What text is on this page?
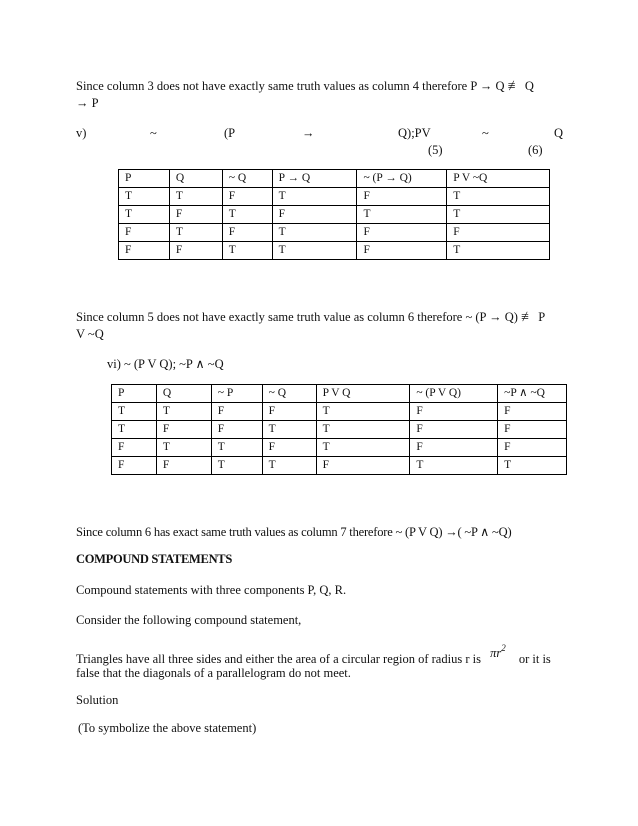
Since column 3 does not have exactly same truth values as column 4 therefore P → Q ≢ Q
→ P
v)	~	(P	→	Q);PV	~	Q
(5)	(6)
P	Q	~ Q	P → Q	~ (P → Q)	P V ~Q
T	T	F	T	F	T
T	F	T	F	T	T
F	T	F	T	F	F
F	F	T	T	F	T
Since column 5 does not have exactly same truth value as column 6 therefore ~ (P → Q) ≢ P
V ~Q
vi) ~ (P V Q); ~P ∧ ~Q
P	Q	~ P	~ Q	P V Q	~ (P V Q)	~P ∧ ~Q
T	T	F	F	T	F	F
T	F	F	T	T	F	F
F	T	T	F	T	F	F
F	F	T	T	F	T	T
Since column 6 has exact same truth values as column 7 therefore ~ (P V Q) →( ~P ∧ ~Q)
COMPOUND STATEMENTS
Compound statements with three components P, Q, R.
Consider the following compound statement,
Triangles have all three sides and either the area of a circular region of radius r is $\pi r^2$ or it is
false that the diagonals of a parallelogram do not meet.
Solution
(To symbolize the above statement)
